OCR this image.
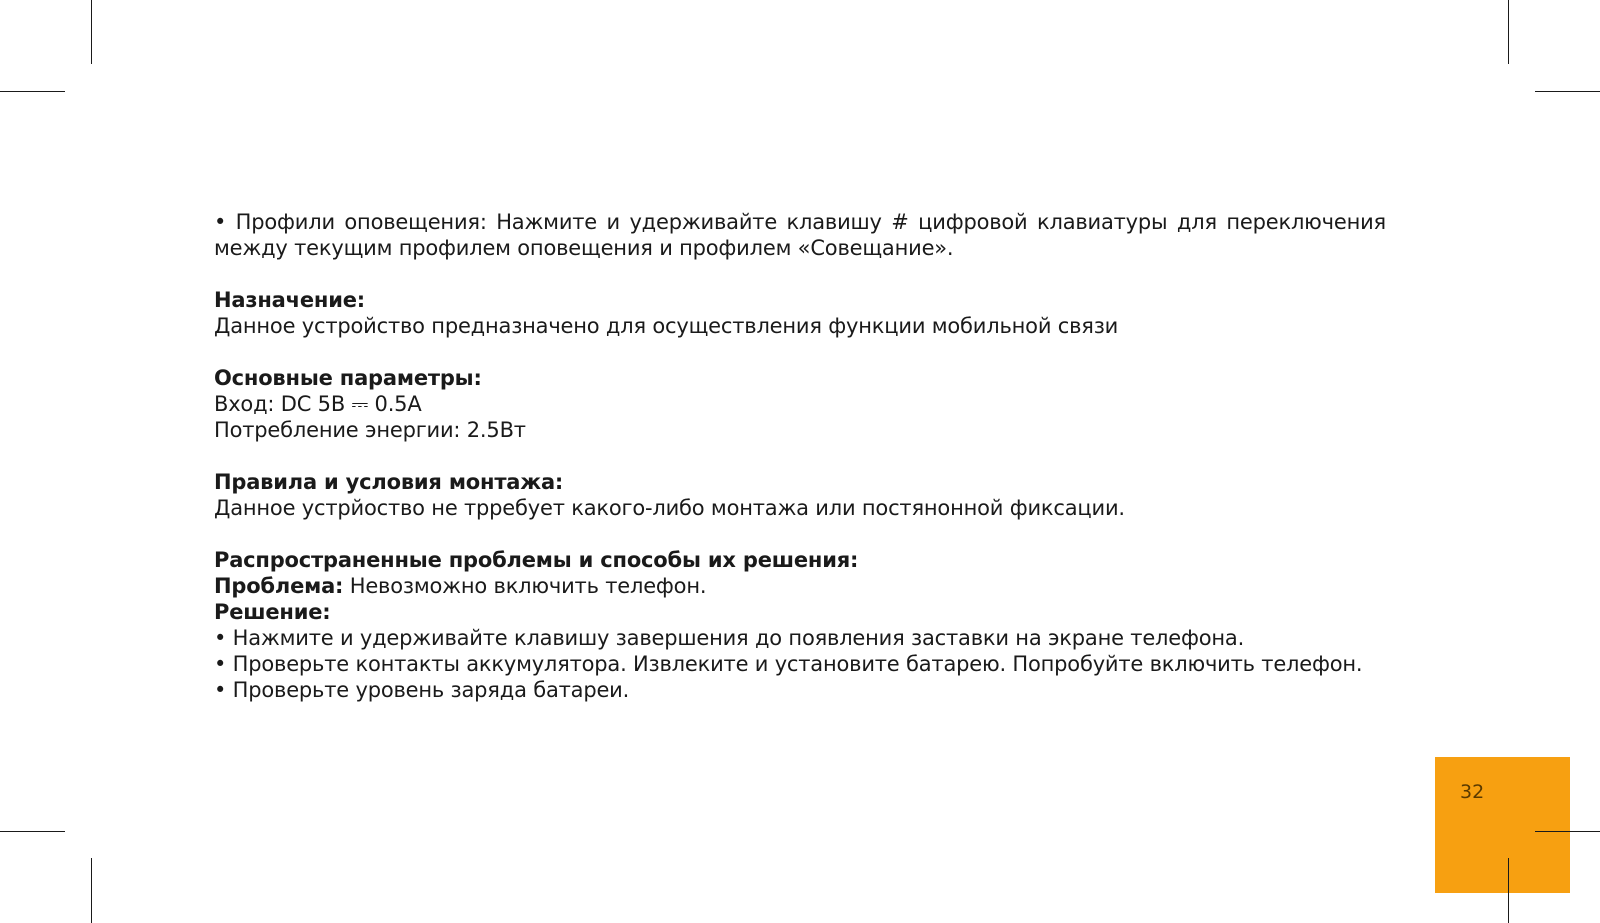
32

• Профили оповещения: Нажмите и удерживайте клавишу # цифровой клавиатуры для переключения между текущим профилем оповещения и профилем «Совещание».

Назначение:
Данное устройство предназначено для осуществления функции мобильной связи
Основные параметры:
Вход: DC 5В ⎓ 0.5А
Потребление энергии: 2.5Вт
Правила и условия монтажа:
Данное устрйоство не трребует какого-либо монтажа или постянонной фиксации.
Распространенные проблемы и способы их решения:
Проблема: Невозможно включить телефон.
Решение:
• Нажмите и удерживайте клавишу завершения до появления заставки на экране телефона.
• Проверьте контакты аккумулятора. Извлеките и установите батарею. Попробуйте включить телефон.
• Проверьте уровень заряда батареи.
